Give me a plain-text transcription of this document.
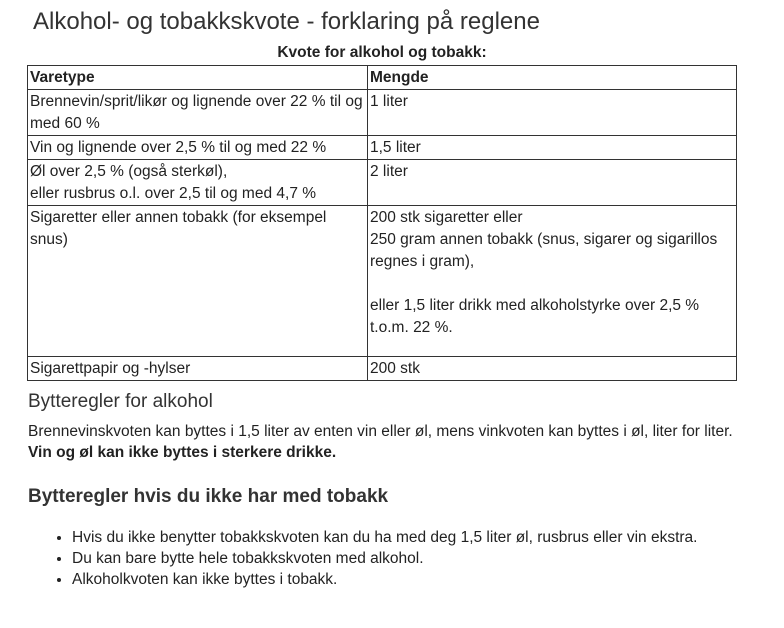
Alkohol- og tobakkskvote - forklaring på reglene
Kvote for alkohol og tobakk:
Varetype	Mengde
Brennevin/sprit/likør og lignende over 22 % til og med 60 %	1 liter
Vin og lignende over 2,5 % til og med 22 %	1,5 liter
Øl over 2,5 % (også sterkøl),
eller rusbrus o.l. over 2,5 til og med 4,7 %	2 liter
Sigaretter eller annen tobakk (for eksempel snus)	200 stk sigaretter eller
250 gram annen tobakk (snus, sigarer og sigarillos regnes i gram),

eller 1,5 liter drikk med alkoholstyrke over 2,5 % t.o.m. 22 %.
Sigarettpapir og -hylser	200 stk
Bytteregler for alkohol

Brennevinskvoten kan byttes i 1,5 liter av enten vin eller øl, mens vinkvoten kan byttes i øl, liter for liter. Vin og øl kan ikke byttes i sterkere drikke.

Bytteregler hvis du ikke har med tobakk
• Hvis du ikke benytter tobakkskvoten kan du ha med deg 1,5 liter øl, rusbrus eller vin ekstra.
• Du kan bare bytte hele tobakkskvoten med alkohol.
• Alkoholkvoten kan ikke byttes i tobakk.
